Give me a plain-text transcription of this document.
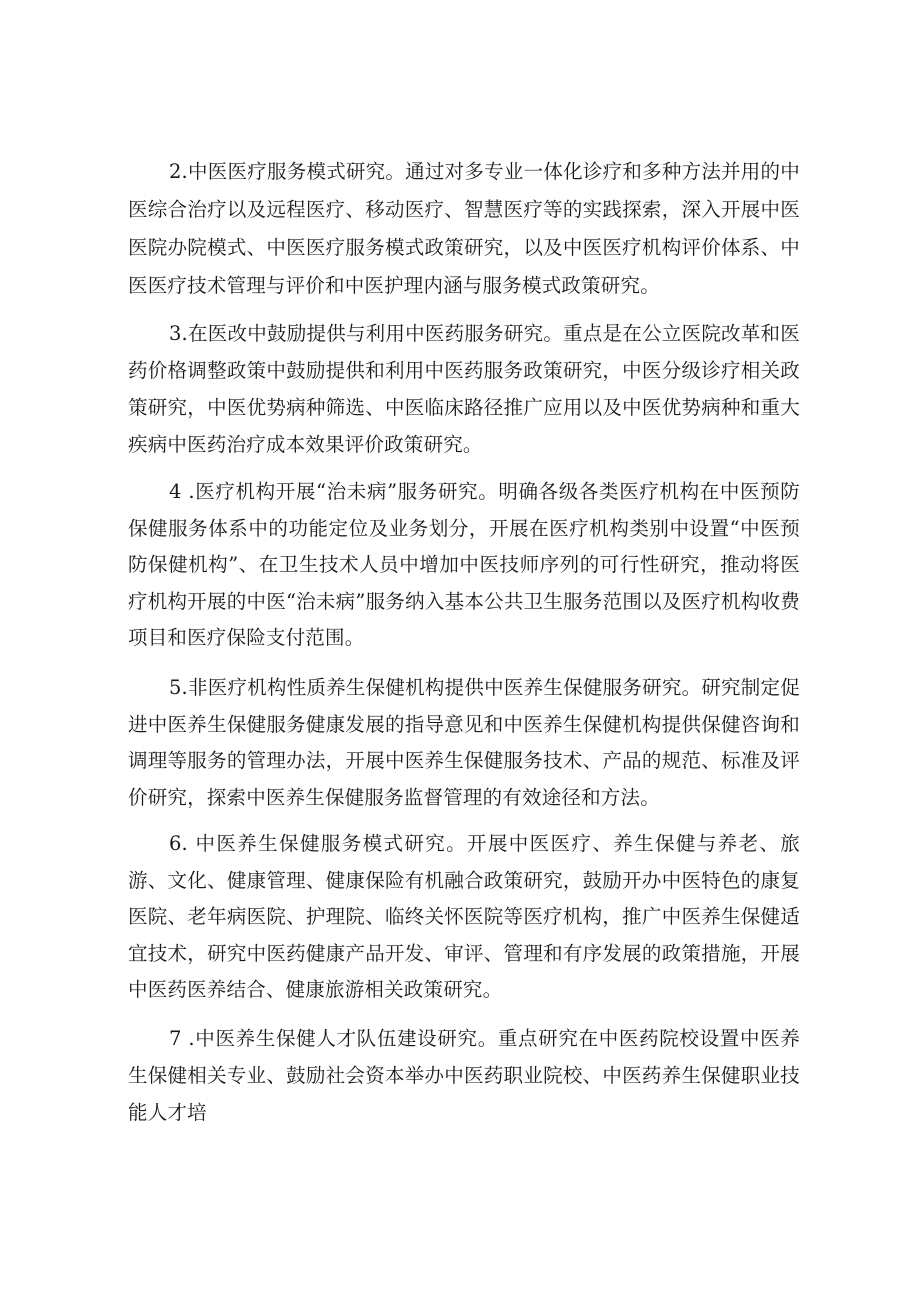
2.中医医疗服务模式研究。通过对多专业一体化诊疗和多种方法并用的中医综合治疗以及远程医疗、移动医疗、智慧医疗等的实践探索，深入开展中医医院办院模式、中医医疗服务模式政策研究，以及中医医疗机构评价体系、中医医疗技术管理与评价和中医护理内涵与服务模式政策研究。

3.在医改中鼓励提供与利用中医药服务研究。重点是在公立医院改革和医药价格调整政策中鼓励提供和利用中医药服务政策研究，中医分级诊疗相关政策研究，中医优势病种筛选、中医临床路径推广应用以及中医优势病种和重大疾病中医药治疗成本效果评价政策研究。

4 .医疗机构开展“治未病”服务研究。明确各级各类医疗机构在中医预防保健服务体系中的功能定位及业务划分，开展在医疗机构类别中设置“中医预防保健机构”、在卫生技术人员中增加中医技师序列的可行性研究，推动将医疗机构开展的中医“治未病”服务纳入基本公共卫生服务范围以及医疗机构收费项目和医疗保险支付范围。

5.非医疗机构性质养生保健机构提供中医养生保健服务研究。研究制定促进中医养生保健服务健康发展的指导意见和中医养生保健机构提供保健咨询和调理等服务的管理办法，开展中医养生保健服务技术、产品的规范、标准及评价研究，探索中医养生保健服务监督管理的有效途径和方法。

6. 中医养生保健服务模式研究。开展中医医疗、养生保健与养老、旅游、文化、健康管理、健康保险有机融合政策研究，鼓励开办中医特色的康复医院、老年病医院、护理院、临终关怀医院等医疗机构，推广中医养生保健适宜技术，研究中医药健康产品开发、审评、管理和有序发展的政策措施，开展中医药医养结合、健康旅游相关政策研究。

7 .中医养生保健人才队伍建设研究。重点研究在中医药院校设置中医养生保健相关专业、鼓励社会资本举办中医药职业院校、中医药养生保健职业技能人才培
